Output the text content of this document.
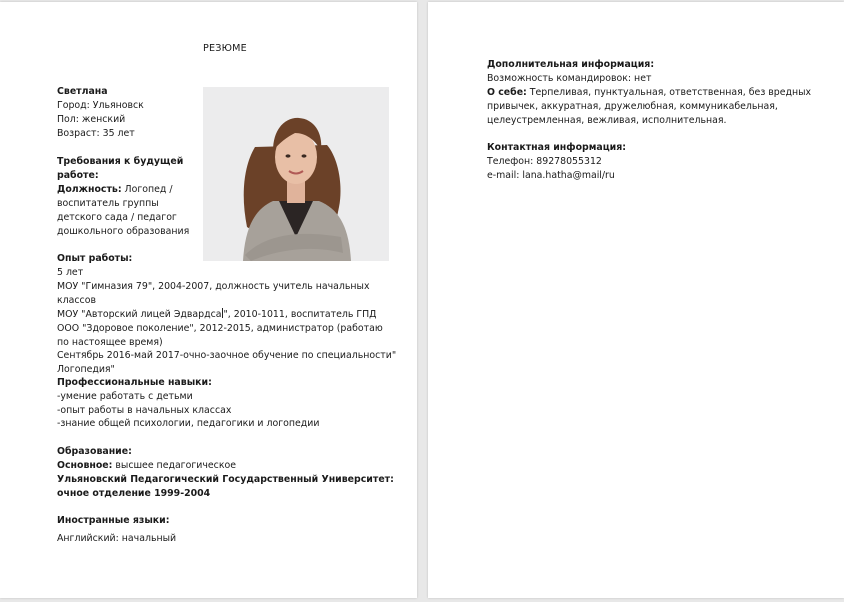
РЕЗЮМЕ
Светлана
Город: Ульяновск
Пол: женский
Возраст: 35 лет
Требования к будущей
работе:
Должность: Логопед /
воспитатель группы
детского сада / педагог
дошкольного образования
Опыт работы:
5 лет
МОУ "Гимназия 79", 2004-2007, должность учитель начальных
классов
МОУ "Авторский лицей Эдвардса ", 2010-1011, воспитатель ГПД
ООО "Здоровое поколение", 2012-2015, администратор (работаю
по настоящее время)
Сентябрь 2016-май 2017-очно-заочное обучение по специальности"
Логопедия"
Профессиональные навыки:
-умение работать с детьми
-опыт работы в начальных классах
-знание общей психологии, педагогики и логопедии
Образование:
Основное: высшее педагогическое
Ульяновский Педагогический Государственный Университет:
очное отделение 1999-2004
Иностранные языки:
Английский: начальный
Дополнительная информация:
Возможность командировок: нет
О себе: Терпеливая, пунктуальная, ответственная, без вредных
привычек, аккуратная, дружелюбная, коммуникабельная,
целеустремленная, вежливая, исполнительная.
Контактная информация:
Телефон: 89278055312
e-mail: lana.hatha@mail/ru
